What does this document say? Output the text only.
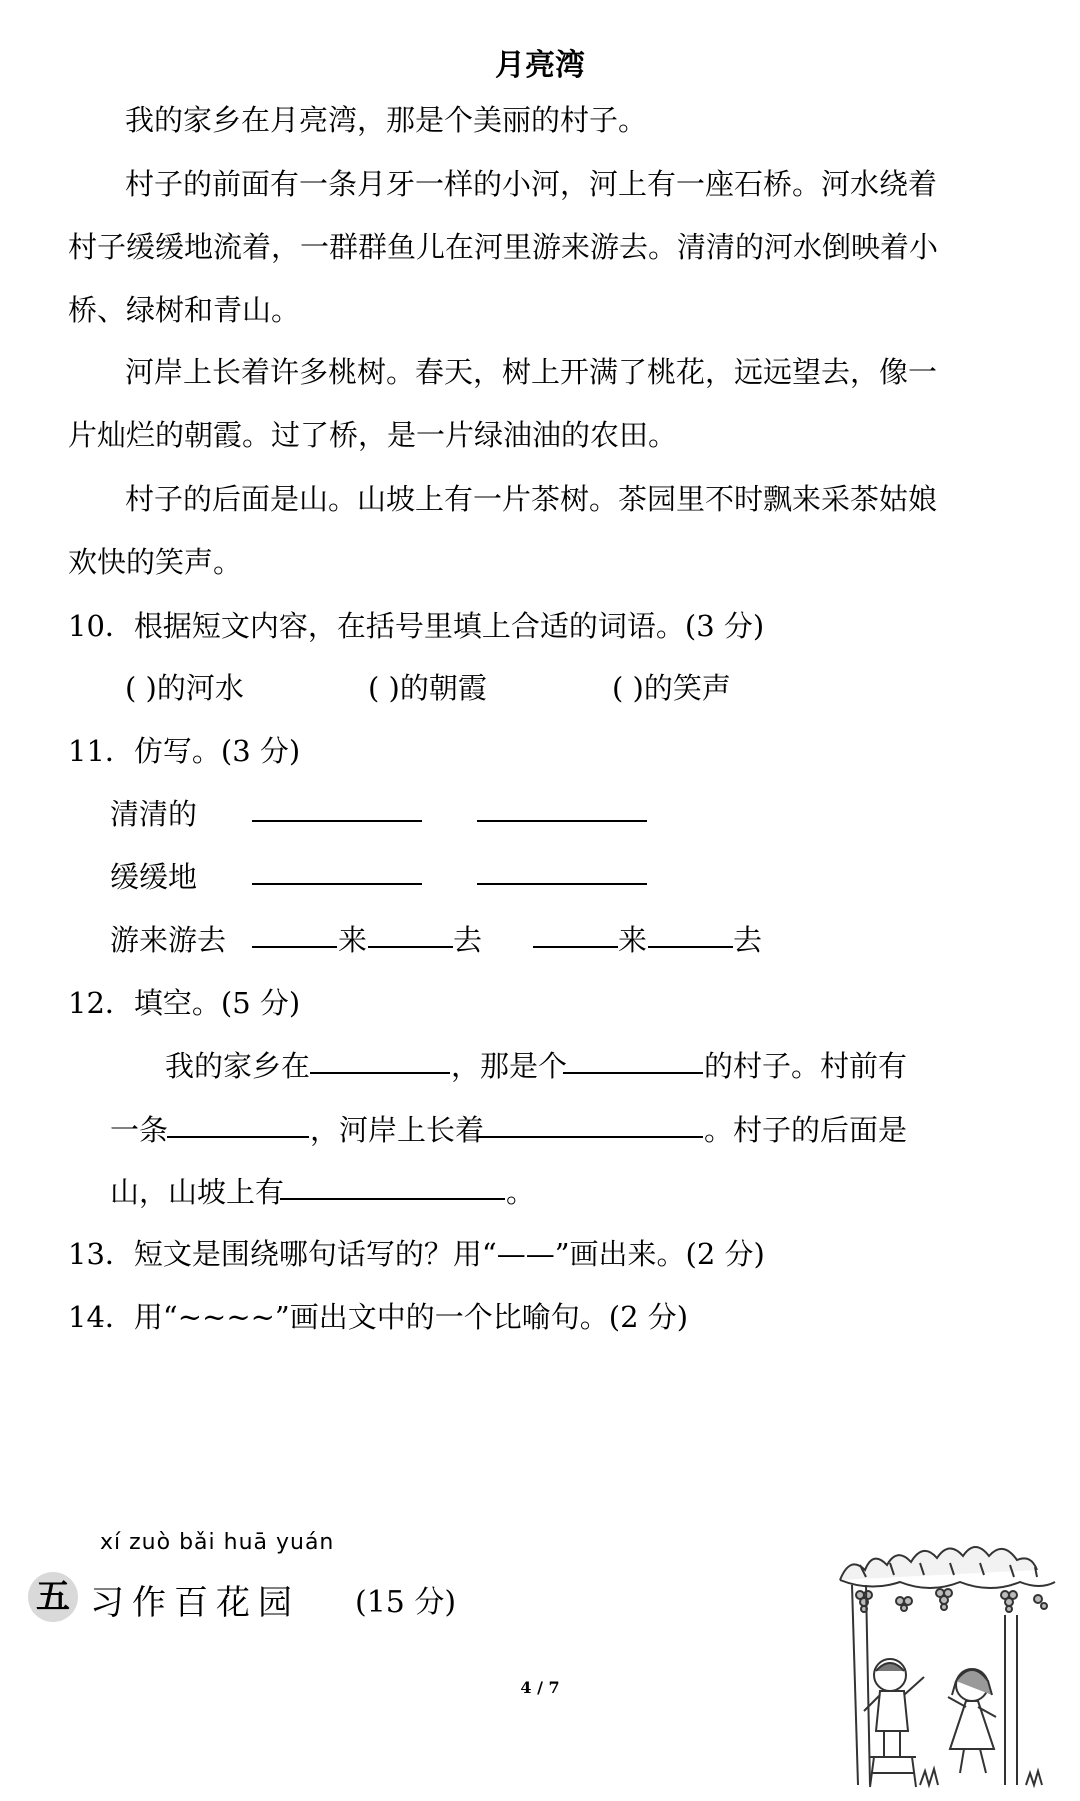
月亮湾
我的家乡在月亮湾，那是个美丽的村子。
村子的前面有一条月牙一样的小河，河上有一座石桥。河水绕着
村子缓缓地流着，一群群鱼儿在河里游来游去。清清的河水倒映着小
桥、绿树和青山。
河岸上长着许多桃树。春天，树上开满了桃花，远远望去，像一
片灿烂的朝霞。过了桥，是一片绿油油的农田。
村子的后面是山。山坡上有一片茶树。茶园里不时飘来采茶姑娘
欢快的笑声。
10．根据短文内容，在括号里填上合适的词语。(3 分)
( )的河水	( )的朝霞	( )的笑声
11．仿写。(3 分)
清清的
缓缓地
游来游去	来	去	来	去
12．填空。(5 分)
我的家乡在	，那是个	的村子。村前有
一条	，河岸上长着	。村子的后面是
山，山坡上有	。
13．短文是围绕哪句话写的？用“——”画出来。(2 分)
14．用“~~~~”画出文中的一个比喻句。(2 分)
xí zuò bǎi huā yuán
五 习作百花园 (15 分)
4 / 7
